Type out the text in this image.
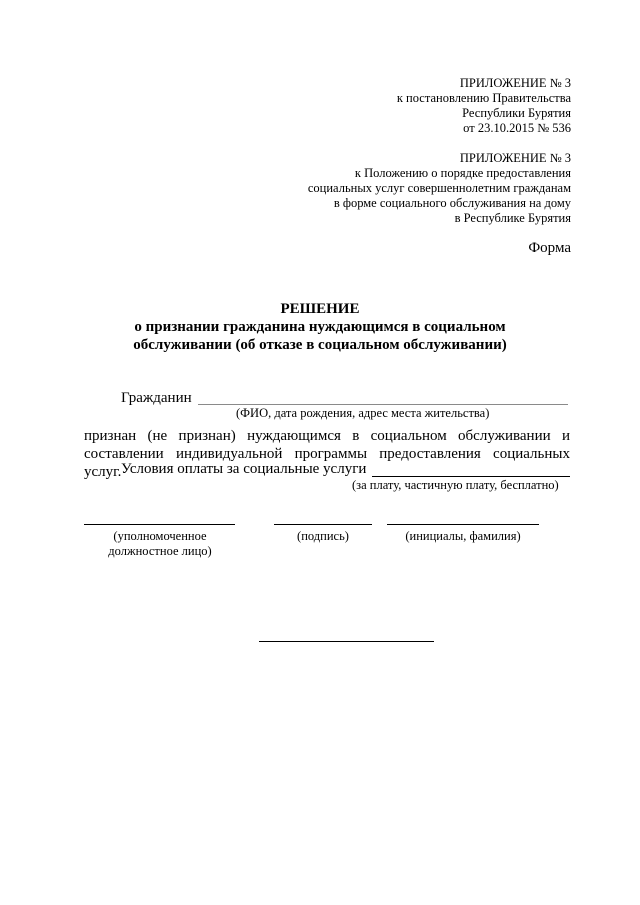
ПРИЛОЖЕНИЕ № 3
к постановлению Правительства
Республики Бурятия
от 23.10.2015 № 536
ПРИЛОЖЕНИЕ № 3
к Положению о порядке предоставления
социальных услуг совершеннолетним гражданам
в форме социального обслуживания на дому
в Республике Бурятия
Форма
РЕШЕНИЕ
о признании гражданина нуждающимся в социальном
обслуживании (об отказе в социальном обслуживании)
Гражданин
(ФИО, дата рождения, адрес места жительства)
признан (не признан) нуждающимся в социальном обслуживании и составлении индивидуальной программы предоставления социальных услуг. Условия оплаты за социальные услуги
(за плату, частичную плату, бесплатно)
(уполномоченное должностное лицо)
(подпись)	(инициалы, фамилия)
